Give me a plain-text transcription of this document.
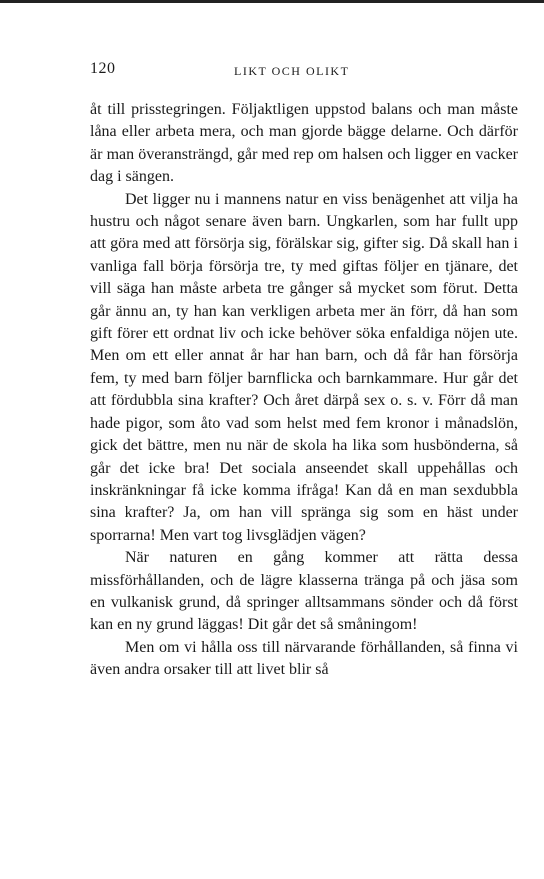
120	LIKT OCH OLIKT

åt till prisstegringen. Följaktligen uppstod balans och man måste låna eller arbeta mera, och man gjorde bägge delarne. Och därför är man överansträngd, går med rep om halsen och ligger en vacker dag i sängen.

Det ligger nu i mannens natur en viss benägenhet att vilja ha hustru och något senare även barn. Ungkarlen, som har fullt upp att göra med att försörja sig, förälskar sig, gifter sig. Då skall han i vanliga fall börja försörja tre, ty med giftas följer en tjänare, det vill säga han måste arbeta tre gånger så mycket som förut. Detta går ännu an, ty han kan verkligen arbeta mer än förr, då han som gift förer ett ordnat liv och icke behöver söka enfaldiga nöjen ute. Men om ett eller annat år har han barn, och då får han försörja fem, ty med barn följer barnflicka och barnkammare. Hur går det att fördubbla sina krafter? Och året därpå sex o. s. v. Förr då man hade pigor, som åto vad som helst med fem kronor i månadslön, gick det bättre, men nu när de skola ha lika som husbönderna, så går det icke bra! Det sociala anseendet skall uppehållas och inskränkningar få icke komma ifråga! Kan då en man sexdubbla sina krafter? Ja, om han vill spränga sig som en häst under sporrarna! Men vart tog livsglädjen vägen?

När naturen en gång kommer att rätta dessa missförhållanden, och de lägre klasserna tränga på och jäsa som en vulkanisk grund, då springer alltsammans sönder och då först kan en ny grund läggas! Dit går det så småningom!

Men om vi hålla oss till närvarande förhållanden, så finna vi även andra orsaker till att livet blir så
